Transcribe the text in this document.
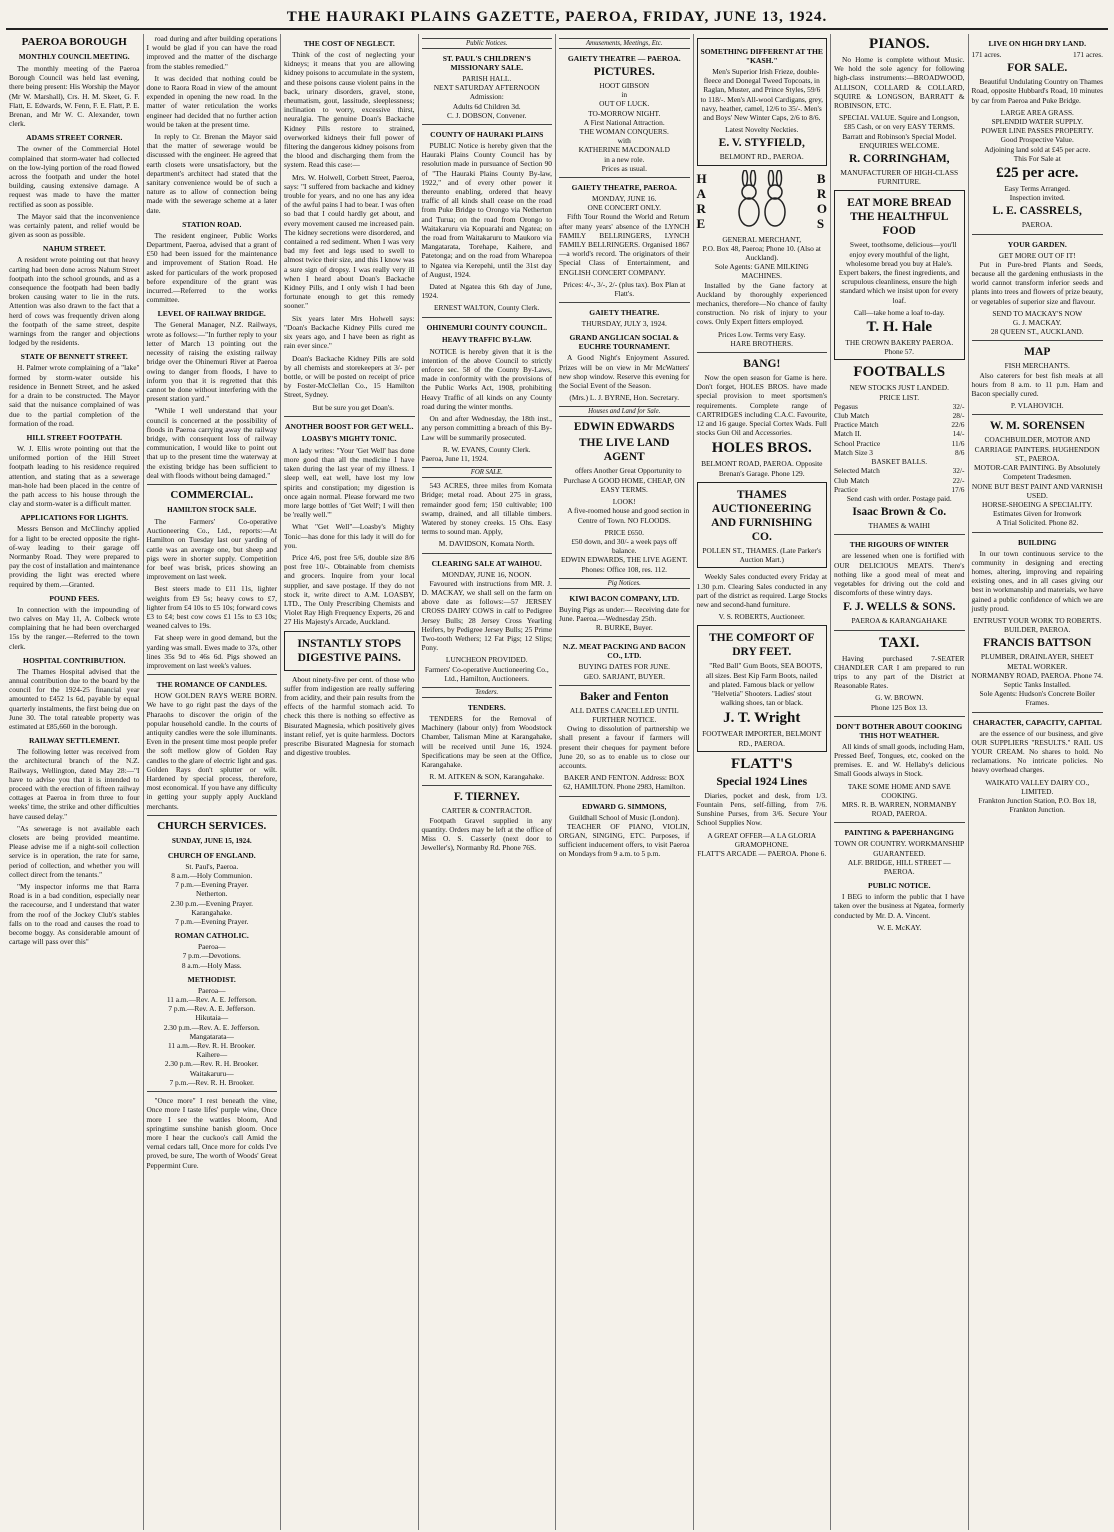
THE HAURAKI PLAINS GAZETTE, PAEROA, FRIDAY, JUNE 13, 1924.
PAEROA BOROUGH
MONTHLY COUNCIL MEETING.

The monthly meeting of the Paeroa Borough Council was held last evening, there being present: His Worship the Mayor (Mr W. Marshall), Crs. H. M. Skeet, G. F. Flatt, E. Edwards, W. Fenn, F. E. Flatt, P. E. Brenan, and Mr W. C. Alexander, town clerk.

ADAMS STREET CORNER.

The owner of the Commercial Hotel complained that storm-water had collected on the low-lying portion of the road flowed across the footpath and under the hotel building, causing extensive damage. A request was made to have the matter rectified as soon as possible.

The Mayor said that the inconvenience was certainly patent, and relief would be given as soon as possible.

NAHUM STREET.

A resident wrote pointing out that heavy carting had been done across Nahum Street footpath into the school grounds, and as a consequence the footpath had been badly broken causing water to lie in the ruts. Attention was also drawn to the fact that a herd of cows was frequently driven along the footpath of the same street, despite warnings from the ranger and objections lodged by the residents.

STATE OF BENNETT STREET.

H. Palmer wrote complaining of a "lake" formed by storm-water outside his residence in Bennett Street, and he asked for a drain to be constructed. The Mayor said that the nuisance complained of was due to the partial completion of the formation of the road.

HILL STREET FOOTPATH.

W. J. Ellis wrote pointing out that the uniformed portion of the Hill Street footpath leading to his residence required attention, and stating that as a sewerage man-hole had been placed in the centre of the path access to his house through the clay and storm-water is a difficult matter.

APPLICATIONS FOR LIGHTS.

Messrs Benson and McClinchy applied for a light to be erected opposite the right-of-way leading to their garage off Normanby Road. They were prepared to pay the cost of installation and maintenance providing the light was erected where required by them.—Granted.

POUND FEES.

In connection with the impounding of two calves on May 11, A. Colbeck wrote complaining that he had been overcharged 15s by the ranger.—Referred to the town clerk.

HOSPITAL CONTRIBUTION.

The Thames Hospital advised that the annual contribution due to the board by the council for the 1924-25 financial year amounted to £452 1s 6d, payable by equal quarterly instalments, the first being due on June 30. The total rateable property was estimated at £85,660 in the borough.

RAILWAY SETTLEMENT.

The following letter was received from the architectural branch of the N.Z. Railways, Wellington, dated May 28:—"I have to advise you that it is intended to proceed with the erection of fifteen railway cottages at Paeroa in from three to four weeks' time, the strike and other difficulties have caused delay."

"As sewerage is not available each closets are being provided meantime. Please advise me if a night-soil collection service is in operation, the rate for same, period of collection, and whether you will collect direct from the tenants."

"My inspector informs me that Rarra Road is in a bad condition, especially near the racecourse, and I understand that water from the roof of the Jockey Club's stables falls on to the road and causes the road to become boggy. As considerable amount of cartage will pass over this"

road during and after building operations I would be glad if you can have the road improved and the matter of the discharge from the stables remedied."

It was decided that nothing could be done to Raora Road in view of the amount expended in opening the new road. In the matter of water reticulation the works engineer had decided that no further action would be taken at the present time.

In reply to Cr. Brenan the Mayor said that the matter of sewerage would be discussed with the engineer. He agreed that earth closets were unsatisfactory, but the department's architect had stated that the sanitary convenience would be of such a nature as to allow of connection being made with the sewerage scheme at a later date.

STATION ROAD.

The resident engineer, Public Works Department, Paeroa, advised that a grant of £50 had been issued for the maintenance and improvement of Station Road. He asked for particulars of the work proposed before expenditure of the grant was incurred.—Referred to the works committee.

LEVEL OF RAILWAY BRIDGE.

The General Manager, N.Z. Railways, wrote as follows:—"In further reply to your letter of March 13 pointing out the necessity of raising the existing railway bridge over the Ohinemuri River at Paeroa owing to danger from floods, I have to inform you that it is regretted that this cannot be done without interfering with the present station yard."

"While I well understand that your council is concerned at the possibility of floods in Paeroa carrying away the railway bridge, with consequent loss of railway communication, I would like to point out that up to the present time the waterway at the existing bridge has been sufficient to deal with floods without being damaged."

COMMERCIAL.
HAMILTON STOCK SALE.

The Farmers' Co-operative Auctioneering Co., Ltd., reports:—At Hamilton on Tuesday last our yarding of cattle was an average one, but sheep and pigs were in shorter supply. Competition for beef was brisk, prices showing an improvement on last week.

Best steers made to £11 11s, lighter weights from £9 5s; heavy cows to £7, lighter from £4 10s to £5 10s; forward cows £3 to £4; best cow cows £1 15s to £3 10s; weaned calves to 19s.

Fat sheep were in good demand, but the yarding was small. Ewes made to 37s, other lines 35s 9d to 46s 6d. Pigs showed an improvement on last week's values.

THE ROMANCE OF CANDLES.

HOW GOLDEN RAYS WERE BORN. We have to go right past the days of the Pharaohs to discover the origin of the popular household candle. In the courts of antiquity candles were the sole illuminants. Even in the present time most people prefer the soft mellow glow of Golden Ray candles to the glare of electric light and gas. Golden Rays don't splutter or wilt. Hardened by special process, therefore, most economical. If you have any difficulty in getting your supply apply Auckland merchants.

CHURCH SERVICES.
SUNDAY, JUNE 15, 1924.
CHURCH OF ENGLAND.
St. Paul's, Paeroa.
8 a.m.—Holy Communion.
7 p.m.—Evening Prayer.
Netherton.
2.30 p.m.—Evening Prayer.
Karangahake.
7 p.m.—Evening Prayer.
ROMAN CATHOLIC.
Paeroa—
7 p.m.—Devotions.
8 a.m.—Holy Mass.
METHODIST.
Paeroa—
11 a.m.—Rev. A. E. Jefferson.
7 p.m.—Rev. A. E. Jefferson.
Hikutaia—
2.30 p.m.—Rev. A. E. Jefferson.
Mangatarata—
11 a.m.—Rev. R. H. Brooker.
Kaihere—
2.30 p.m.—Rev. R. H. Brooker.
Waitakaruru—
7 p.m.—Rev. R. H. Brooker.

"Once more" I rest beneath the vine, Once more I taste lifes' purple wine, Once more I see the wattles bloom, And springtime sunshine banish gloom. Once more I hear the cuckoo's call Amid the vernal cedars tall, Once more for colds I've proved, be sure, The worth of Woods' Great Peppermint Cure.

THE COST OF NEGLECT.

Think of the cost of neglecting your kidneys; it means that you are allowing kidney poisons to accumulate in the system, and these poisons cause violent pains in the back, urinary disorders, gravel, stone, rheumatism, gout, lassitude, sleeplessness; inclination to worry, excessive thirst, neuralgia. The genuine Doan's Backache Kidney Pills restore to strained, overworked kidneys their full power of filtering the dangerous kidney poisons from the blood and discharging them from the system. Read this case:—

Mrs. W. Holwell, Corbett Street, Paeroa, says: "I suffered from backache and kidney trouble for years, and no one has any idea of the awful pains I had to bear. I was often so bad that I could hardly get about, and every movement caused me increased pain. The kidney secretions were disordered, and contained a red sediment. When I was very bad my feet and legs used to swell to almost twice their size, and this I know was a sure sign of dropsy. I was really very ill when I heard about Doan's Backache Kidney Pills, and I only wish I had been fortunate enough to get this remedy sooner."

Six years later Mrs Holwell says: "Doan's Backache Kidney Pills cured me six years ago, and I have been as right as rain ever since."

Doan's Backache Kidney Pills are sold by all chemists and storekeepers at 3/- per bottle, or will be posted on receipt of price by Foster-McClellan Co., 15 Hamilton Street, Sydney.

But be sure you get Doan's.

ANOTHER BOOST FOR GET WELL.
LOASBY'S MIGHTY TONIC.

A lady writes: "Your 'Get Well' has done more good than all the medicine I have taken during the last year of my illness. I sleep well, eat well, have lost my low spirits and constipation; my digestion is once again normal. Please forward me two more large bottles of 'Get Well'; I will then be 'really well.'"

What "Get Well"—Loasby's Mighty Tonic—has done for this lady it will do for you.

Price 4/6, post free 5/6, double size 8/6 post free 10/-. Obtainable from chemists and grocers. Inquire from your local supplier, and save postage. If they do not stock it, write direct to A.M. LOASBY, LTD., The Only Prescribing Chemists and Violet Ray High Frequency Experts, 26 and 27 His Majesty's Arcade, Auckland.

INSTANTLY STOPS DIGESTIVE PAINS.

About ninety-five per cent. of those who suffer from indigestion are really suffering from acidity, and their pain results from the effects of the harmful stomach acid. To check this there is nothing so effective as Bisurated Magnesia, which positively gives instant relief, yet is quite harmless. Doctors prescribe Bisurated Magnesia for stomach and digestive troubles.

Public Notices.
ST. PAUL'S CHILDREN'S MISSIONARY SALE.
PARISH HALL.
NEXT SATURDAY AFTERNOON
Admission:
Adults 6d Children 3d.
C. J. DOBSON, Convener.
COUNTY OF HAURAKI PLAINS

PUBLIC Notice is hereby given that the Hauraki Plains County Council has by resolution made in pursuance of Section 90 of "The Hauraki Plains County By-law, 1922," and of every other power it thereunto enabling, ordered that heavy traffic of all kinds shall cease on the road from Puke Bridge to Orongo via Netherton and Turua; on the road from Orongo to Waitakaruru via Kopuarahi and Ngatea; on the road from Waitakaruru to Maukoro via Mangatarata, Torehape, Kaihere, and Patetonga; and on the road from Wharepoa to Ngatea via Kerepehi, until the 31st day of August, 1924.

Dated at Ngatea this 6th day of June, 1924.

ERNEST WALTON, County Clerk.
OHINEMURI COUNTY COUNCIL.
HEAVY TRAFFIC BY-LAW.

NOTICE is hereby given that it is the intention of the above Council to strictly enforce sec. 58 of the County By-Laws, made in conformity with the provisions of the Public Works Act, 1908, prohibiting Heavy Traffic of all kinds on any County road during the winter months.

On and after Wednesday, the 18th inst., any person committing a breach of this By-Law will be summarily prosecuted.

R. W. EVANS, County Clerk.
Paeroa, June 11, 1924.
FOR SALE.

543 ACRES, three miles from Komata Bridge; metal road. About 275 in grass, remainder good fern; 150 cultivable; 100 swamp, drained, and all tillable timbers. Watered by stoney creeks. 15 Ohs. Easy terms to sound man. Apply,

M. DAVIDSON, Komata North.
CLEARING SALE AT WAIHOU.
MONDAY, JUNE 16, NOON.

Favoured with instructions from MR. J. D. MACKAY, we shall sell on the farm on above date as follows:—57 JERSEY CROSS DAIRY COWS in calf to Pedigree Jersey Bulls; 28 Jersey Cross Yearling Heifers, by Pedigree Jersey Bulls; 25 Prime Two-tooth Wethers; 12 Fat Pigs; 12 Slips; Pony.

LUNCHEON PROVIDED.
Farmers' Co-operative Auctioneering Co., Ltd., Hamilton, Auctioneers.
Tenders.
TENDERS.

TENDERS for the Removal of Machinery (labour only) from Woodstock Chamber, Talisman Mine at Karangahake, will be received until June 16, 1924. Specifications may be seen at the Office, Karangahake.

R. M. AITKEN & SON, Karangahake.
F. TIERNEY.
CARTER & CONTRACTOR.

Footpath Gravel supplied in any quantity. Orders may be left at the office of Miss O. S. Casserly (next door to Jeweller's), Normanby Rd. Phone 76S.

Amusements, Meetings, Etc.
GAIETY THEATRE — PAEROA.
PICTURES.
HOOT GIBSON
in
OUT OF LUCK.
TO-MORROW NIGHT.
A First National Attraction.
THE WOMAN CONQUERS.
with
KATHERINE MACDONALD
in a new role.
Prices as usual.
GAIETY THEATRE, PAEROA.
MONDAY, JUNE 16.
ONE CONCERT ONLY.

Fifth Tour Round the World and Return after many years' absence of the LYNCH FAMILY BELLRINGERS, LYNCH FAMILY BELLRINGERS. Organised 1867—a world's record. The originators of their Special Class of Entertainment, and ENGLISH CONCERT COMPANY.

Prices: 4/-, 3/-, 2/- (plus tax). Box Plan at Flatt's.
GAIETY THEATRE.
THURSDAY, JULY 3, 1924.
GRAND ANGLICAN SOCIAL & EUCHRE TOURNAMENT.

A Good Night's Enjoyment Assured. Prizes will be on view in Mr McWatters' new shop window. Reserve this evening for the Social Event of the Season.

(Mrs.) L. J. BYRNE, Hon. Secretary.
Houses and Land for Sale.
EDWIN EDWARDS
THE LIVE LAND AGENT

offers Another Great Opportunity to Purchase A GOOD HOME, CHEAP, ON EASY TERMS.

LOOK!

A five-roomed house and good section in Centre of Town. NO FLOODS.

PRICE £650.
£50 down, and 30/- a week pays off balance.
EDWIN EDWARDS, THE LIVE AGENT. Phones: Office 108, res. 112.
Pig Notices.
KIWI BACON COMPANY, LTD.
Buying Pigs as under:— Receiving date for June. Paeroa.—Wednesday 25th.
R. BURKE, Buyer.
N.Z. MEAT PACKING AND BACON CO., LTD.
BUYING DATES FOR JUNE.
GEO. SARJANT, BUYER.
Baker and Fenton
ALL DATES CANCELLED UNTIL FURTHER NOTICE.

Owing to dissolution of partnership we shall present a favour if farmers will present their cheques for payment before June 20, so as to enable us to close our accounts.

BAKER AND FENTON. Address: BOX 62, HAMILTON. Phone 2983, Hamilton.
EDWARD G. SIMMONS,
Guildhall School of Music (London).

TEACHER OF PIANO, VIOLIN, ORGAN, SINGING, ETC. Purposes, if sufficient inducement offers, to visit Paeroa on Mondays from 9 a.m. to 5 p.m.

SOMETHING DIFFERENT AT THE "KASH."

Men's Superior Irish Frieze, double-fleece and Donegal Tweed Topcoats, in Raglan, Muster, and Prince Styles, 59/6 to 118/-. Men's All-wool Cardigans, grey, navy, heather, camel, 12/6 to 35/-. Men's and Boys' New Winter Caps, 2/6 to 8/6.

Latest Novelty Neckties.
E. V. STYFIELD,
BELMONT RD., PAEROA.
H
A
R
E
B
R
O
S
GENERAL MERCHANT,
P.O. Box 48, Paeroa; Phone 10. (Also at Auckland).
Sole Agents: GANE MILKING MACHINES.

Installed by the Gane factory at Auckland by thoroughly experienced mechanics, therefore—No chance of faulty construction. No risk of injury to your cows. Only Expert fitters employed.

Prices Low. Terms very Easy.
HARE BROTHERS.
BANG!

Now the open season for Game is here. Don't forget, HOLES BROS. have made special provision to meet sportsmen's requirements. Complete range of CARTRIDGES including C.A.C. Favourite, 12 and 16 gauge. Special Cortex Wads. Full stocks Gun Oil and Accessories.

HOLES BROS.
BELMONT ROAD, PAEROA. Opposite Brenan's Garage. Phone 129.
THAMES AUCTIONEERING AND FURNISHING CO.
POLLEN ST., THAMES. (Late Parker's Auction Mart.)

Weekly Sales conducted every Friday at 1.30 p.m. Clearing Sales conducted in any part of the district as required. Large Stocks new and second-hand furniture.

V. S. ROBERTS, Auctioneer.
THE COMFORT OF DRY FEET.

"Red Ball" Gum Boots, SEA BOOTS, all sizes. Best Kip Farm Boots, nailed and plated. Famous black or yellow "Helvetia" Shooters. Ladies' stout walking shoes, tan or black.

J. T. Wright
FOOTWEAR IMPORTER, BELMONT RD., PAEROA.
FLATT'S
Special 1924 Lines

Diaries, pocket and desk, from 1/3. Fountain Pens, self-filling, from 7/6. Sunshine Purses, from 3/6. Secure Your School Supplies Now.

A GREAT OFFER—A LA GLORIA GRAMOPHONE.
FLATT'S ARCADE — PAEROA. Phone 6.
PIANOS.

No Home is complete without Music. We hold the sole agency for following high-class instruments:—BROADWOOD, ALLISON, COLLARD & COLLARD, SQUIRE & LONGSON, BARRATT & ROBINSON, ETC.

SPECIAL VALUE. Squire and Longson, £85 Cash, or on very EASY TERMS.
Barratt and Robinson's Special Model.
ENQUIRIES WELCOME.
R. CORRINGHAM,
MANUFACTURER OF HIGH-CLASS FURNITURE.
EAT MORE BREAD THE HEALTHFUL FOOD

Sweet, toothsome, delicious—you'll enjoy every mouthful of the light, wholesome bread you buy at Hale's. Expert bakers, the finest ingredients, and scrupulous cleanliness, ensure the high standard which we insist upon for every loaf.

Call—take home a loaf to-day.
T. H. Hale
THE CROWN BAKERY PAEROA. Phone 57.
FOOTBALLS
NEW STOCKS JUST LANDED.
PRICE LIST.
Pegasus	32/-
Club Match	28/-
Practice Match	22/6
Match II.	14/-
School Practice	11/6
Match Size 3	8/6
BASKET BALLS.
Selected Match	32/-
Club Match	22/-
Practice	17/6
Send cash with order. Postage paid.
Isaac Brown & Co.
THAMES & WAIHI
THE RIGOURS OF WINTER

are lessened when one is fortified with OUR DELICIOUS MEATS. There's nothing like a good meal of meat and vegetables for driving out the cold and discomforts of these wintry days.

F. J. WELLS & SONS.
PAEROA & KARANGAHAKE
TAXI.

Having purchased 7-SEATER CHANDLER CAR I am prepared to run trips to any part of the District at Reasonable Rates.

G. W. BROWN.
Phone 125 Box 13.
DON'T BOTHER ABOUT COOKING THIS HOT WEATHER.

All kinds of small goods, including Ham, Pressed Beef, Tongues, etc, cooked on the premises. E. and W. Hellaby's delicious Small Goods always in Stock.

TAKE SOME HOME AND SAVE COOKING.
MRS. R. B. WARREN, NORMANBY ROAD, PAEROA.
PAINTING & PAPERHANGING
TOWN OR COUNTRY. WORKMANSHIP GUARANTEED.
ALF. BRIDGE, HILL STREET — PAEROA.
PUBLIC NOTICE.

I BEG to inform the public that I have taken over the business at Ngatea, formerly conducted by Mr. D. A. Vincent.

W. E. McKAY.
LIVE ON HIGH DRY LAND.
171 acres.	171 acres.
FOR SALE.

Beautiful Undulating Country on Thames Road, opposite Hubbard's Road, 10 minutes by car from Paeroa and Puke Bridge.

LARGE AREA GRASS.
SPLENDID WATER SUPPLY.
POWER LINE PASSES PROPERTY.
Good Prospective Value.
Adjoining land sold at £45 per acre.
This For Sale at
£25 per acre.
Easy Terms Arranged.
Inspection invited.
L. E. CASSRELS,
PAEROA.
YOUR GARDEN.
GET MORE OUT OF IT!

Put in Pure-bred Plants and Seeds, because all the gardening enthusiasts in the world cannot transform inferior seeds and plants into trees and flowers of prize beauty, or vegetables of superior size and flavour.

SEND TO MACKAY'S NOW
G. J. MACKAY.
28 QUEEN ST., AUCKLAND.
MAP
FISH MERCHANTS.

Also caterers for best fish meals at all hours from 8 a.m. to 11 p.m. Ham and Bacon specially cured.

P. VLAHOVICH.
W. M. SORENSEN
COACHBUILDER, MOTOR AND CARRIAGE PAINTERS. HUGHENDON ST., PAEROA.
MOTOR-CAR PAINTING. By Absolutely Competent Tradesmen.
NONE BUT BEST PAINT AND VARNISH USED.
HORSE-SHOEING A SPECIALITY.
Estimates Given for Ironwork
A Trial Solicited. Phone 82.
BUILDING

In our town continuous service to the community in designing and erecting homes, altering, improving and repairing existing ones, and in all cases giving our best in workmanship and materials, we have gained a public confidence of which we are justly proud.

ENTRUST YOUR WORK TO ROBERTS. BUILDER, PAEROA.
FRANCIS BATTSON
PLUMBER, DRAINLAYER, SHEET METAL WORKER.
NORMANBY ROAD, PAEROA. Phone 74.
Septic Tanks Installed.
Sole Agents: Hudson's Concrete Boiler Frames.
CHARACTER, CAPACITY, CAPITAL

are the essence of our business, and give OUR SUPPLIERS "RESULTS." RAIL US YOUR CREAM. No shares to hold. No reclamations. No intricate policies. No heavy overhead charges.

WAIKATO VALLEY DAIRY CO., LIMITED.
Frankton Junction Station, P.O. Box 18, Frankton Junction.
